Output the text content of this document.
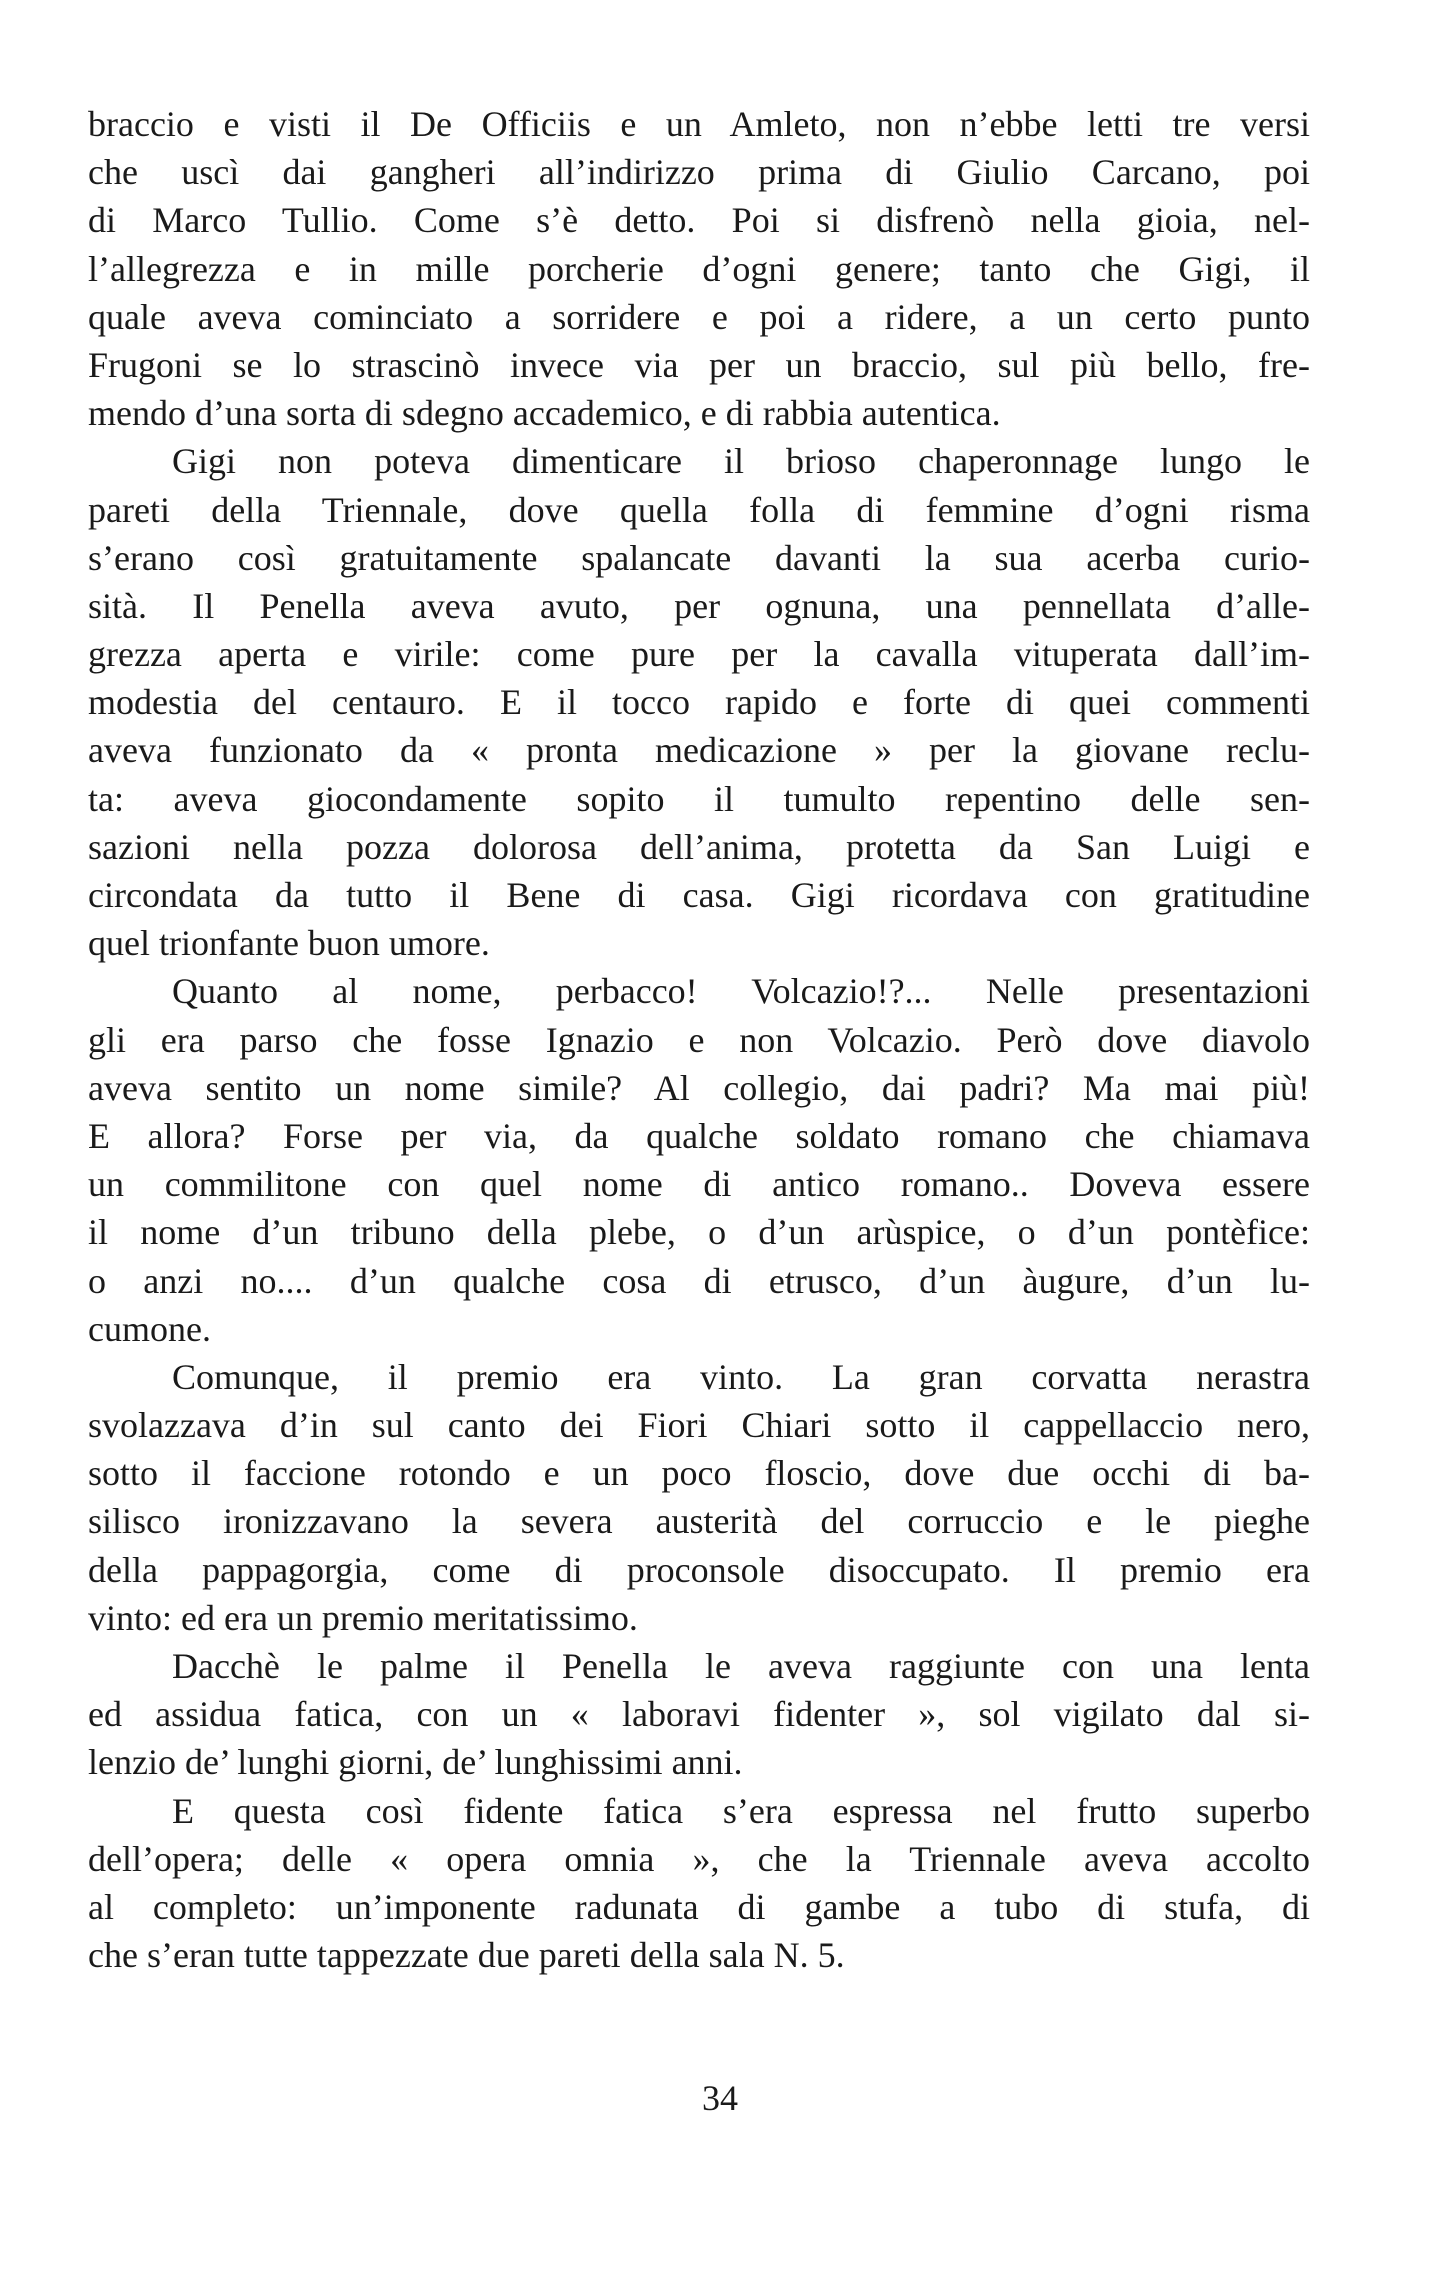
braccio e visti il De Officiis e un Amleto, non n’ebbe letti tre versi
che uscì dai gangheri all’indirizzo prima di Giulio Carcano, poi
di Marco Tullio. Come s’è detto. Poi si disfrenò nella gioia, nel-
l’allegrezza e in mille porcherie d’ogni genere; tanto che Gigi, il
quale aveva cominciato a sorridere e poi a ridere, a un certo punto
Frugoni se lo strascinò invece via per un braccio, sul più bello, fre-
mendo d’una sorta di sdegno accademico, e di rabbia autentica.
Gigi non poteva dimenticare il brioso chaperonnage lungo le
pareti della Triennale, dove quella folla di femmine d’ogni risma
s’erano così gratuitamente spalancate davanti la sua acerba curio-
sità. Il Penella aveva avuto, per ognuna, una pennellata d’alle-
grezza aperta e virile: come pure per la cavalla vituperata dall’im-
modestia del centauro. E il tocco rapido e forte di quei commenti
aveva funzionato da « pronta medicazione » per la giovane reclu-
ta: aveva giocondamente sopito il tumulto repentino delle sen-
sazioni nella pozza dolorosa dell’anima, protetta da San Luigi e
circondata da tutto il Bene di casa. Gigi ricordava con gratitudine
quel trionfante buon umore.
Quanto al nome, perbacco! Volcazio!?... Nelle presentazioni
gli era parso che fosse Ignazio e non Volcazio. Però dove diavolo
aveva sentito un nome simile? Al collegio, dai padri? Ma mai più!
E allora? Forse per via, da qualche soldato romano che chiamava
un commilitone con quel nome di antico romano.. Doveva essere
il nome d’un tribuno della plebe, o d’un arùspice, o d’un pontèfice:
o anzi no.... d’un qualche cosa di etrusco, d’un àugure, d’un lu-
cumone.
Comunque, il premio era vinto. La gran corvatta nerastra
svolazzava d’in sul canto dei Fiori Chiari sotto il cappellaccio nero,
sotto il faccione rotondo e un poco floscio, dove due occhi di ba-
silisco ironizzavano la severa austerità del corruccio e le pieghe
della pappagorgia, come di proconsole disoccupato. Il premio era
vinto: ed era un premio meritatissimo.
Dacchè le palme il Penella le aveva raggiunte con una lenta
ed assidua fatica, con un « laboravi fidenter », sol vigilato dal si-
lenzio de’ lunghi giorni, de’ lunghissimi anni.
E questa così fidente fatica s’era espressa nel frutto superbo
dell’opera; delle « opera omnia », che la Triennale aveva accolto
al completo: un’imponente radunata di gambe a tubo di stufa, di
che s’eran tutte tappezzate due pareti della sala N. 5.
34
